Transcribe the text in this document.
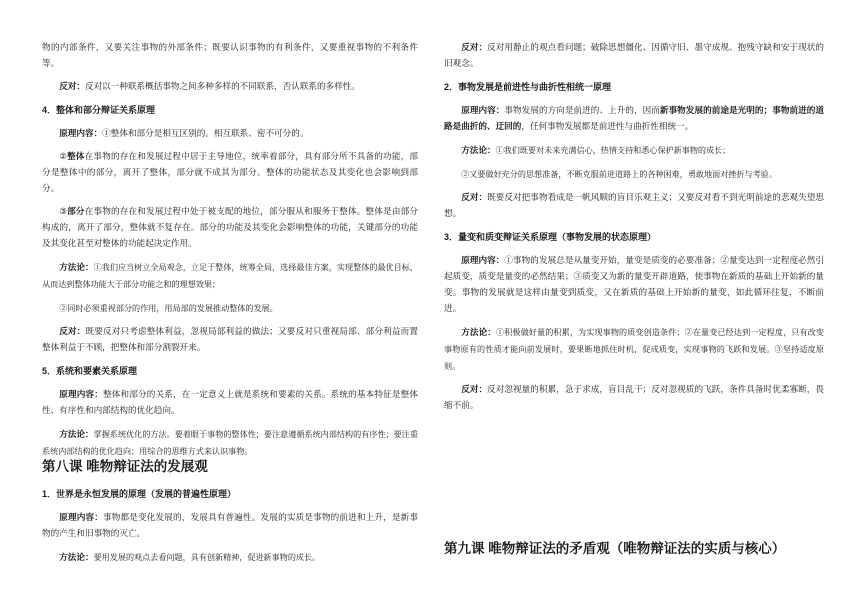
物的内部条件，又要关注事物的外部条件；既要认识事物的有利条件，又要重视事物的不利条件等。

反对：反对以一种联系概括事物之间多种多样的不同联系，否认联系的多样性。

4．整体和部分辩证关系原理

原理内容：①整体和部分是相互区别的。相互联系、密不可分的。

②整体在事物的存在和发展过程中居于主导地位，统率着部分，具有部分所不具备的功能，部分是整体中的部分，离开了整体，部分就不成其为部分。整体的功能状态及其变化也会影响到部分。

③部分在事物的存在和发展过程中处于被支配的地位，部分服从和服务于整体。整体是由部分构成的，离开了部分，整体就不复存在。部分的功能及其变化会影响整体的功能，关键部分的功能及其变化甚至对整体的功能起决定作用。

方法论：①我们应当树立全局观念，立足于整体，统筹全局，选择最佳方案，实现整体的最优目标，从而达到整体功能大于部分功能之和的理想效果；

②同时必须重视部分的作用，用局部的发展推动整体的发展。

反对：既要反对只考虑整体利益，忽视局部利益的做法；又要反对只重视局部、部分利益而置整体利益于不顾，把整体和部分割裂开来。

5．系统和要素关系原理

原理内容：整体和部分的关系，在一定意义上就是系统和要素的关系。系统的基本特征是整体性、有序性和内部结构的优化趋向。

方法论：掌握系统优化的方法。要着眼于事物的整体性；要注意遵循系统内部结构的有序性；要注重系统内部结构的优化趋向；用综合的思维方式来认识事物。

第八课 唯物辩证法的发展观
1．世界是永恒发展的原理（发展的普遍性原理）

原理内容：事物都是变化发展的，发展具有普遍性。发展的实质是事物的前进和上升，是新事物的产生和旧事物的灭亡。

方法论：要用发展的观点去看问题，具有创新精神，促进新事物的成长。

反对：反对用静止的观点看问题；破除思想僵化、因循守旧、墨守成规、抱残守缺和安于现状的旧观念。

2．事物发展是前进性与曲折性相统一原理

原理内容：事物发展的方向是前进的、上升的，因而新事物发展的前途是光明的；事物前进的道路是曲折的、迂回的，任何事物发展都是前进性与曲折性相统一。

方法论：①我们既要对未来充满信心，热情支持和悉心保护新事物的成长；

②又要做好充分的思想准备，不断克服前进道路上的各种困难，勇敢地面对挫折与考验。

反对：既要反对把事物看成是一帆风顺的盲目乐观主义；又要反对看不到光明前途的悲观失望思想。

3．量变和质变辩证关系原理（事物发展的状态原理）

原理内容：①事物的发展总是从量变开始，量变是质变的必要准备；②量变达到一定程度必然引起质变，质变是量变的必然结果；③质变又为新的量变开辟道路，使事物在新质的基础上开始新的量变。事物的发展就是这样由量变到质变，又在新质的基础上开始新的量变，如此循环往复，不断前进。

方法论：①积极做好量的积累，为实现事物的质变创造条件；②在量变已经达到一定程度，只有改变事物原有的性质才能向前发展时，要果断地抓住时机，促成质变，实现事物的飞跃和发展。③坚持适度原则。

反对：反对忽视量的积累，急于求成，盲目乱干；反对忽视质的飞跃，条件具备时优柔寡断，畏缩不前。

第九课 唯物辩证法的矛盾观（唯物辩证法的实质与核心）
